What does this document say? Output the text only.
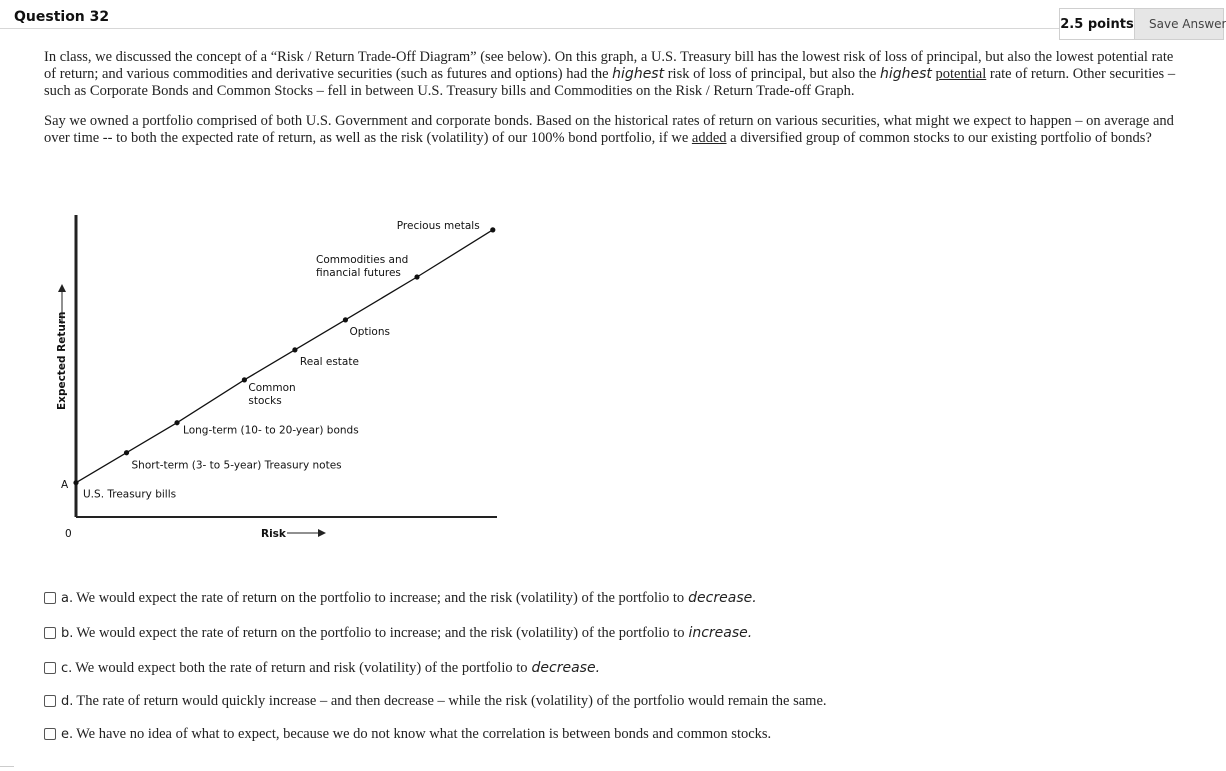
Question 32	2.5 points	Save Answer
In class, we discussed the concept of a “Risk / Return Trade-Off Diagram” (see below). On this graph, a U.S. Treasury bill has the lowest risk of loss of principal, but also the lowest potential rate of return; and various commodities and derivative securities (such as futures and options) had the highest risk of loss of principal, but also the highest potential rate of return. Other securities – such as Corporate Bonds and Common Stocks – fell in between U.S. Treasury bills and Commodities on the Risk / Return Trade-off Graph.
Say we owned a portfolio comprised of both U.S. Government and corporate bonds. Based on the historical rates of return on various securities, what might we expect to happen – on average and over time -- to both the expected rate of return, as well as the risk (volatility) of our 100% bond portfolio, if we added a diversified group of common stocks to our existing portfolio of bonds?
Expected Return
Risk
0
A
U.S. Treasury bills
Short-term (3- to 5-year) Treasury notes
Long-term (10- to 20-year) bonds
Common
stocks
Real estate
Options
Commodities and
financial futures
Precious metals
a. We would expect the rate of return on the portfolio to increase; and the risk (volatility) of the portfolio to decrease.
b. We would expect the rate of return on the portfolio to increase; and the risk (volatility) of the portfolio to increase.
c. We would expect both the rate of return and risk (volatility) of the portfolio to decrease.
d. The rate of return would quickly increase – and then decrease – while the risk (volatility) of the portfolio would remain the same.
e. We have no idea of what to expect, because we do not know what the correlation is between bonds and common stocks.
